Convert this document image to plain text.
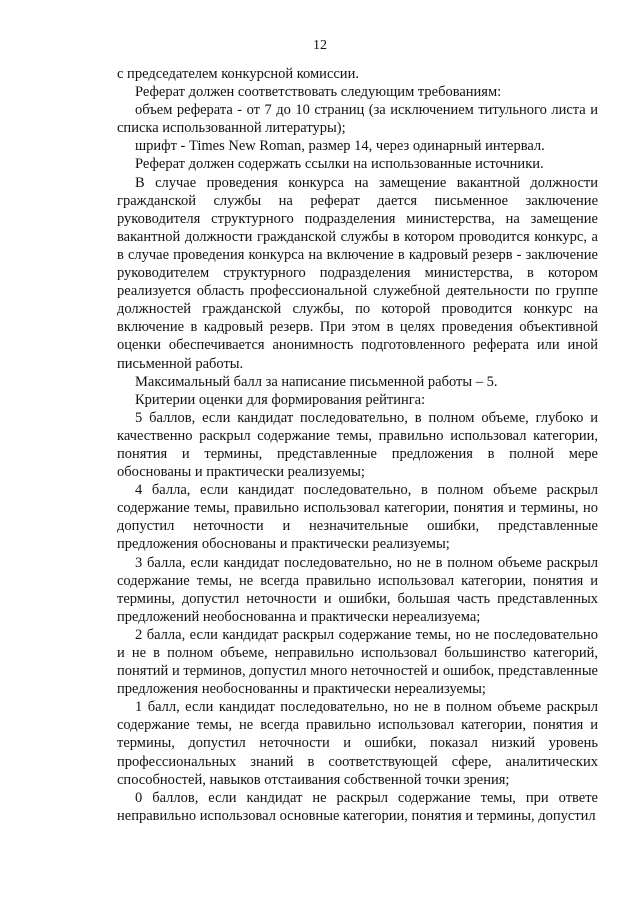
12

с председателем конкурсной комиссии.

Реферат должен соответствовать следующим требованиям:

объем реферата - от 7 до 10 страниц (за исключением титульного листа и списка использованной литературы);

шрифт - Times New Roman, размер 14, через одинарный интервал.

Реферат должен содержать ссылки на использованные источники.

В случае проведения конкурса на замещение вакантной должности гражданской службы на реферат дается письменное заключение руководителя структурного подразделения министерства, на замещение вакантной должности гражданской службы в котором проводится конкурс, а в случае проведения конкурса на включение в кадровый резерв - заключение руководителем структурного подразделения министерства, в котором реализуется область профессиональной служебной деятельности по группе должностей гражданской службы, по которой проводится конкурс на включение в кадровый резерв. При этом в целях проведения объективной оценки обеспечивается анонимность подготовленного реферата или иной письменной работы.

Максимальный балл за написание письменной работы – 5.

Критерии оценки для формирования рейтинга:

5 баллов, если кандидат последовательно, в полном объеме, глубоко и качественно раскрыл содержание темы, правильно использовал категории, понятия и термины, представленные предложения в полной мере обоснованы и практически реализуемы;

4 балла, если кандидат последовательно, в полном объеме раскрыл содержание темы, правильно использовал категории, понятия и термины, но допустил неточности и незначительные ошибки, представленные предложения обоснованы и практически реализуемы;

3 балла, если кандидат последовательно, но не в полном объеме раскрыл содержание темы, не всегда правильно использовал категории, понятия и термины, допустил неточности и ошибки, большая часть представленных предложений необоснованна и практически нереализуема;

2 балла, если кандидат раскрыл содержание темы, но не последовательно и не в полном объеме, неправильно использовал большинство категорий, понятий и терминов, допустил много неточностей и ошибок, представленные предложения необоснованны и практически нереализуемы;

1 балл, если кандидат последовательно, но не в полном объеме раскрыл содержание темы, не всегда правильно использовал категории, понятия и термины, допустил неточности и ошибки, показал низкий уровень профессиональных знаний в соответствующей сфере, аналитических способностей, навыков отстаивания собственной точки зрения;

0 баллов, если кандидат не раскрыл содержание темы, при ответе неправильно использовал основные категории, понятия и термины, допустил
